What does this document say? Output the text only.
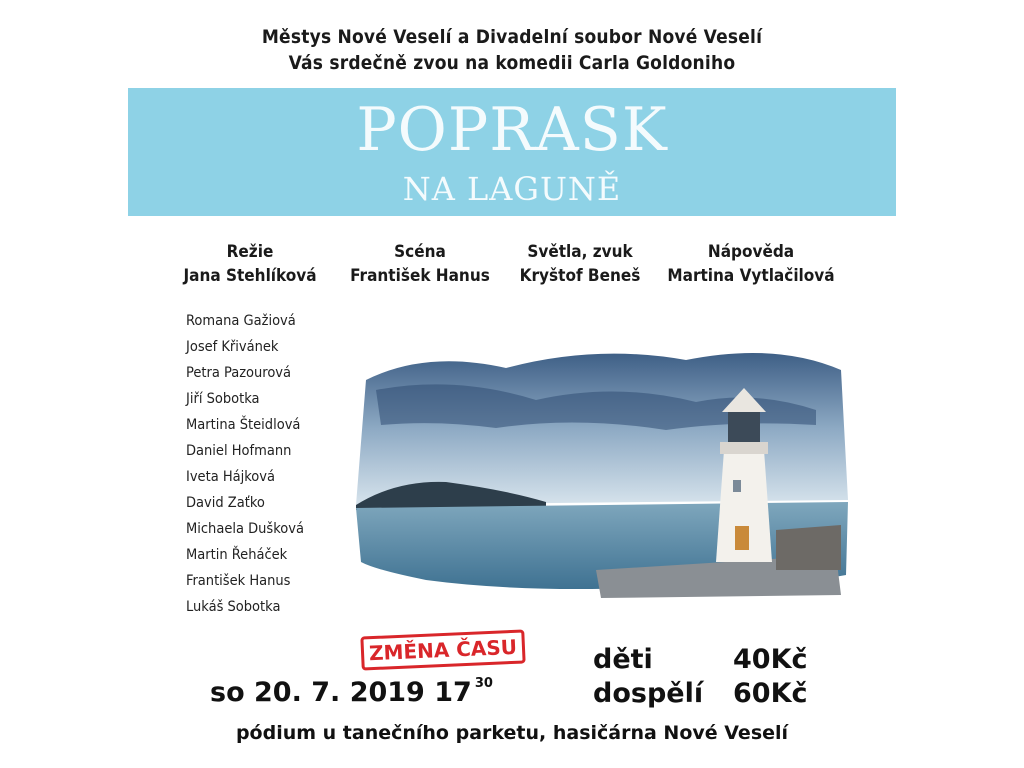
Městys Nové Veselí a Divadelní soubor Nové Veselí
Vás srdečně zvou na komedii Carla Goldoniho
POPRASK
NA LAGUNĚ
Režie
Jana Stehlíková
Scéna
František Hanus
Světla, zvuk
Kryštof Beneš
Nápověda
Martina Vytlačilová
Romana Gažiová
Josef Křivánek
Petra Pazourová
Jiří Sobotka
Martina Šteidlová
Daniel Hofmann
Iveta Hájková
David Zaťko
Michaela Dušková
Martin Řeháček
František Hanus
Lukáš Sobotka
ZMĚNA ČASU
so 20. 7. 2019 17 $^{30}$
děti	40Kč
dospělí 60Kč
pódium u tanečního parketu, hasičárna Nové Veselí
